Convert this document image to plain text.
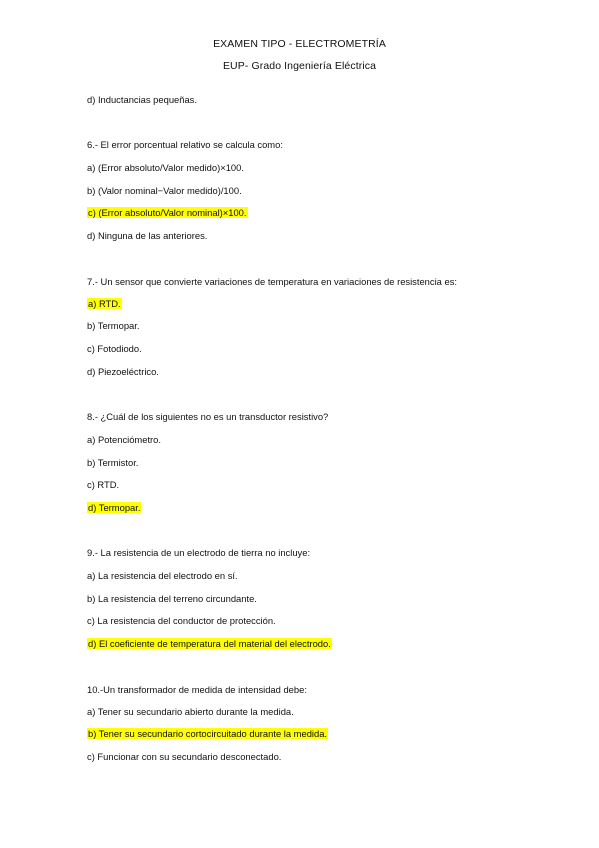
EXAMEN TIPO - ELECTROMETRÍA
EUP- Grado Ingeniería Eléctrica
d) Inductancias pequeñas.
6.- El error porcentual relativo se calcula como:
a) (Error absoluto/Valor medido)×100.
b) (Valor nominal−Valor medido)/100.
c) (Error absoluto/Valor nominal)×100.
d) Ninguna de las anteriores.
7.- Un sensor que convierte variaciones de temperatura en variaciones de resistencia es:
a) RTD.
b) Termopar.
c) Fotodiodo.
d) Piezoeléctrico.
8.- ¿Cuál de los siguientes no es un transductor resistivo?
a) Potenciómetro.
b) Termistor.
c) RTD.
d) Termopar.
9.- La resistencia de un electrodo de tierra no incluye:
a) La resistencia del electrodo en sí.
b) La resistencia del terreno circundante.
c) La resistencia del conductor de protección.
d) El coeficiente de temperatura del material del electrodo.
10.-Un transformador de medida de intensidad debe:
a) Tener su secundario abierto durante la medida.
b) Tener su secundario cortocircuitado durante la medida.
c) Funcionar con su secundario desconectado.
